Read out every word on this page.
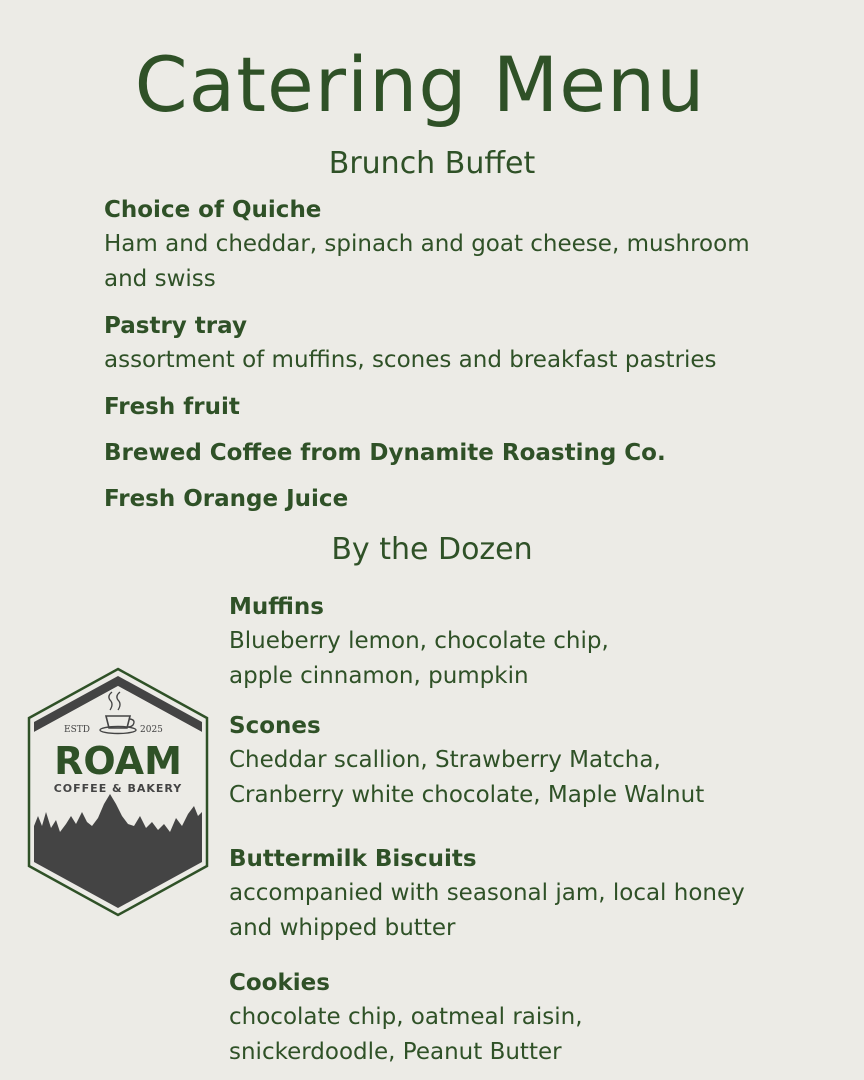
Catering Menu
Brunch Buffet
Choice of Quiche
Ham and cheddar, spinach and goat cheese, mushroom
and swiss
Pastry tray
assortment of muffins, scones and breakfast pastries
Fresh fruit
Brewed Coffee from Dynamite Roasting Co.
Fresh Orange Juice
By the Dozen
Muffins
Blueberry lemon, chocolate chip,
apple cinnamon, pumpkin
Scones
Cheddar scallion, Strawberry Matcha,
Cranberry white chocolate, Maple Walnut
Buttermilk Biscuits
accompanied with seasonal jam, local honey
and whipped butter
Cookies
chocolate chip, oatmeal raisin,
snickerdoodle, Peanut Butter
ESTD	2025
ROAM
COFFEE & BAKERY
